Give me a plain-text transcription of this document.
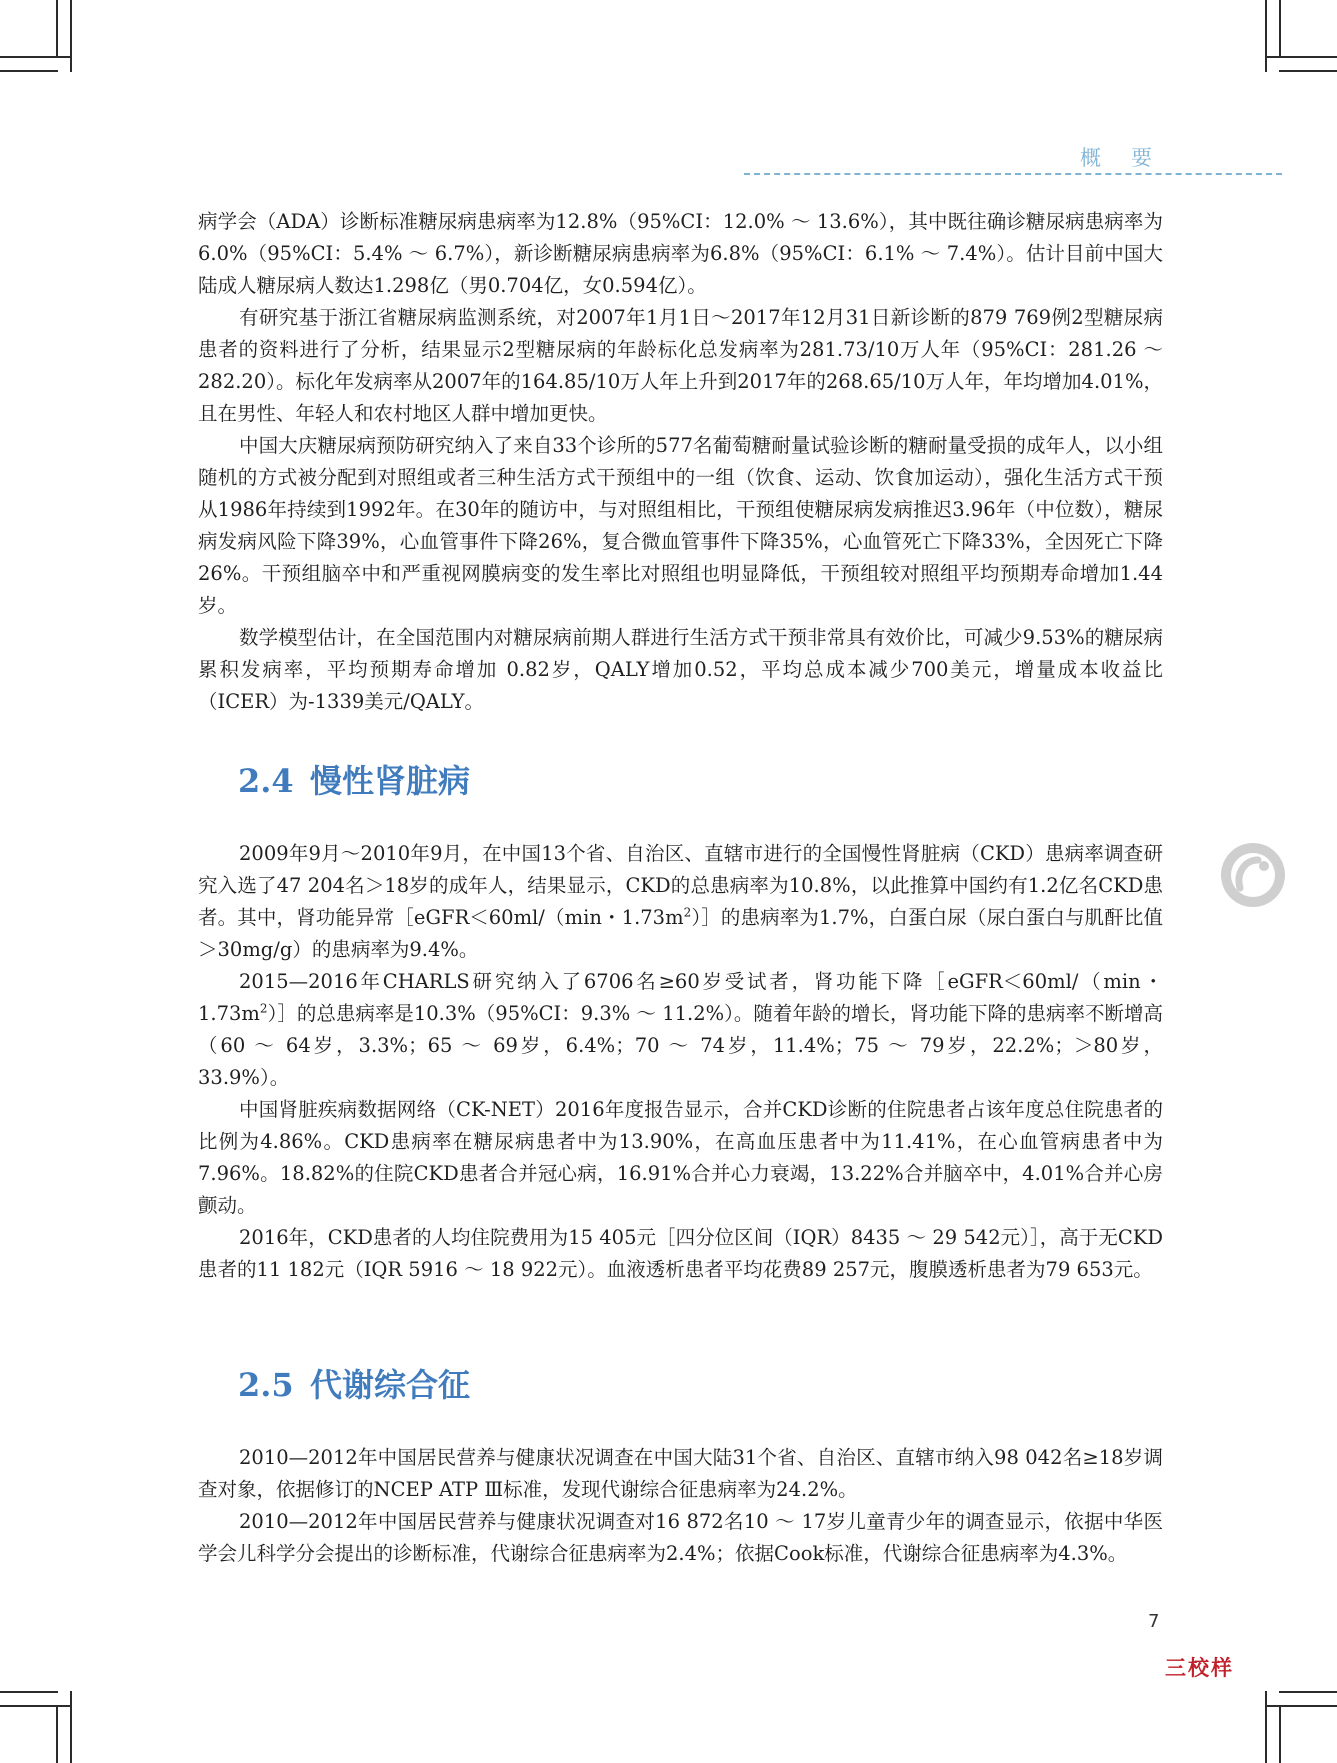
概要

病学会（ADA）诊断标准糖尿病患病率为12.8%（95%CI：12.0% ～ 13.6%），其中既往确诊糖尿病患病率为6.0%（95%CI：5.4% ～ 6.7%），新诊断糖尿病患病率为6.8%（95%CI：6.1% ～ 7.4%）。估计目前中国大陆成人糖尿病人数达1.298亿（男0.704亿，女0.594亿）。

有研究基于浙江省糖尿病监测系统，对2007年1月1日～2017年12月31日新诊断的879 769例2型糖尿病患者的资料进行了分析，结果显示2型糖尿病的年龄标化总发病率为281.73/10万人年（95%CI：281.26 ～ 282.20）。标化年发病率从2007年的164.85/10万人年上升到2017年的268.65/10万人年，年均增加4.01%，且在男性、年轻人和农村地区人群中增加更快。

中国大庆糖尿病预防研究纳入了来自33个诊所的577名葡萄糖耐量试验诊断的糖耐量受损的成年人，以小组随机的方式被分配到对照组或者三种生活方式干预组中的一组（饮食、运动、饮食加运动），强化生活方式干预从1986年持续到1992年。在30年的随访中，与对照组相比，干预组使糖尿病发病推迟3.96年（中位数），糖尿病发病风险下降39%，心血管事件下降26%，复合微血管事件下降35%，心血管死亡下降33%，全因死亡下降26%。干预组脑卒中和严重视网膜病变的发生率比对照组也明显降低，干预组较对照组平均预期寿命增加1.44岁。

数学模型估计，在全国范围内对糖尿病前期人群进行生活方式干预非常具有效价比，可减少9.53%的糖尿病累积发病率，平均预期寿命增加 0.82岁，QALY增加0.52，平均总成本减少700美元，增量成本收益比（ICER）为-1339美元/QALY。

2.4 慢性肾脏病

2009年9月～2010年9月，在中国13个省、自治区、直辖市进行的全国慢性肾脏病（CKD）患病率调查研究入选了47 204名＞18岁的成年人，结果显示，CKD的总患病率为10.8%，以此推算中国约有1.2亿名CKD患者。其中，肾功能异常［eGFR＜60ml/（min・$1.73m^2)]$的患病率为1.7%，白蛋白尿（尿白蛋白与肌酐比值＞30mg/g）的患病率为9.4%。

2015—2016年CHARLS研究纳入了6706名≥60岁受试者，肾功能下降［eGFR＜60ml/（min・$1.73m^2)]$的总患病率是10.3%（95%CI：9.3% ～ 11.2%）。随着年龄的增长，肾功能下降的患病率不断增高（60 ～ 64岁，3.3%；65 ～ 69岁，6.4%；70 ～ 74岁，11.4%；75 ～ 79岁，22.2%；＞80岁，33.9%）。

中国肾脏疾病数据网络（CK-NET）2016年度报告显示，合并CKD诊断的住院患者占该年度总住院患者的比例为4.86%。CKD患病率在糖尿病患者中为13.90%，在高血压患者中为11.41%，在心血管病患者中为7.96%。18.82%的住院CKD患者合并冠心病，16.91%合并心力衰竭，13.22%合并脑卒中，4.01%合并心房颤动。

2016年，CKD患者的人均住院费用为15 405元［四分位区间（IQR）8435 ～ 29 542元）］，高于无CKD患者的11 182元（IQR 5916 ～ 18 922元）。血液透析患者平均花费89 257元，腹膜透析患者为79 653元。

2.5 代谢综合征

2010—2012年中国居民营养与健康状况调查在中国大陆31个省、自治区、直辖市纳入98 042名≥18岁调查对象，依据修订的NCEP ATP Ⅲ标准，发现代谢综合征患病率为24.2%。

2010—2012年中国居民营养与健康状况调查对16 872名10 ～ 17岁儿童青少年的调查显示，依据中华医学会儿科学分会提出的诊断标准，代谢综合征患病率为2.4%；依据Cook标准，代谢综合征患病率为4.3%。

7
三校样
